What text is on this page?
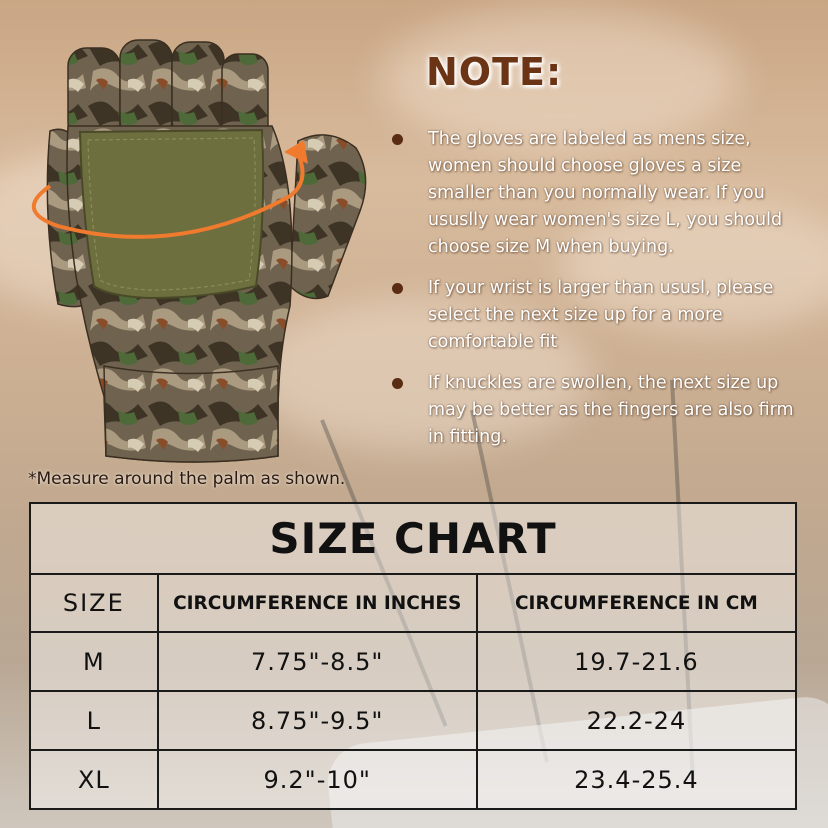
NOTE:
The gloves are labeled as mens size, women should choose gloves a size smaller than you normally wear. If you ususlly wear women's size L, you should choose size M when buying.
If your wrist is larger than ususl, please select the next size up for a more comfortable fit
If knuckles are swollen, the next size up may be better as the fingers are also firm in fitting.
*Measure around the palm as shown.
SIZE CHART		
SIZE	CIRCUMFERENCE IN INCHES	CIRCUMFERENCE IN CM
M	7.75"-8.5"	19.7-21.6
L	8.75"-9.5"	22.2-24
XL	9.2"-10"	23.4-25.4
